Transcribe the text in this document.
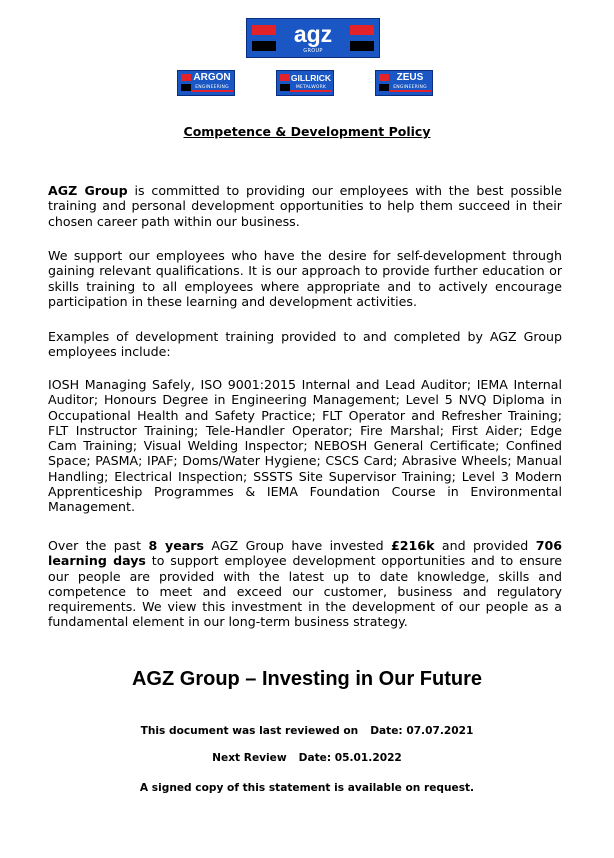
agz
GROUP
ARGON
ENGINEERING
GILLRICK
METALWORK
ZEUS
ENGINEERING
Competence & Development Policy

AGZ Group is committed to providing our employees with the best possible training and personal development opportunities to help them succeed in their chosen career path within our business.

We support our employees who have the desire for self-development through gaining relevant qualifications. It is our approach to provide further education or skills training to all employees where appropriate and to actively encourage participation in these learning and development activities.

Examples of development training provided to and completed by AGZ Group employees include:

IOSH Managing Safely, ISO 9001:2015 Internal and Lead Auditor; IEMA Internal Auditor; Honours Degree in Engineering Management; Level 5 NVQ Diploma in Occupational Health and Safety Practice; FLT Operator and Refresher Training; FLT Instructor Training; Tele-Handler Operator; Fire Marshal; First Aider; Edge Cam Training; Visual Welding Inspector; NEBOSH General Certificate; Confined Space; PASMA; IPAF; Doms/Water Hygiene; CSCS Card; Abrasive Wheels; Manual Handling; Electrical Inspection; SSSTS Site Supervisor Training; Level 3 Modern Apprenticeship Programmes & IEMA Foundation Course in Environmental Management.

Over the past 8 years AGZ Group have invested £216k and provided 706 learning days to support employee development opportunities and to ensure our people are provided with the latest up to date knowledge, skills and competence to meet and exceed our customer, business and regulatory requirements. We view this investment in the development of our people as a fundamental element in our long-term business strategy.

AGZ Group – Investing in Our Future
This document was last reviewed on Date: 07.07.2021
Next Review Date: 05.01.2022
A signed copy of this statement is available on request.
